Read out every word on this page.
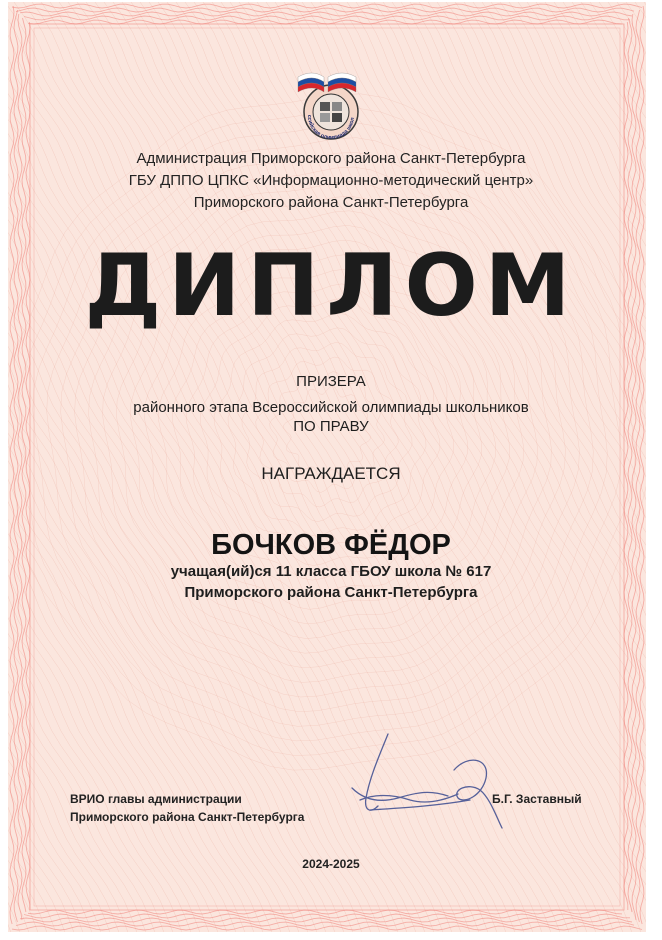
ссийская олимпиада школ
Администрация Приморского района Санкт-Петербурга
ГБУ ДППО ЦПКС «Информационно-методический центр»
Приморского района Санкт-Петербурга
ДИПЛОМ
ПРИЗЕРА
районного этапа Всероссийской олимпиады школьников
ПО ПРАВУ
НАГРАЖДАЕТСЯ
БОЧКОВ ФЁДОР
учащая(ий)ся 11 класса ГБОУ школа № 617
Приморского района Санкт-Петербурга
ВРИО главы администрации
Приморского района Санкт-Петербурга
Б.Г. Заставный
2024-2025
